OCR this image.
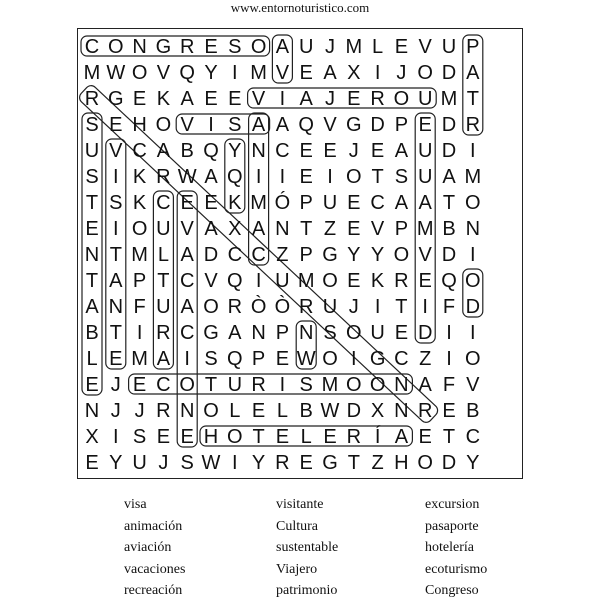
www.entornoturistico.com
C O N G R E S O A U J M L E V U P
M W O V Q Y I M V E A X I J O D A
R G E K A E E V I A J E R O U M T
S E H O V I S A A Q V G D P E D R
U V C A B Q Y N C E E J E A U D I
S I K R W A Q I I E I O T S U A M
T S K C E E K M Ó P U E C A A T O
E I O U V A X A N T Z E V P M B N
N T M L A D C C Z P G Y Y O V D I
T A P T C V Q I U M O E K R E Q O
A N F U A O R Ò Ò R U J I T I F D
B T I R C G A N P N S O U E D I I
L E M A I S Q P E W O I G C Z I O
E J E C O T U R I S M O O N A F V
N J J R N O L E L B W D X N R E B
X I S E E H O T E L E R Í A E T C
E Y U J S W I Y R E G T Z H O D Y
visa
animación
aviación
vacaciones
recreación
visitante
Cultura
sustentable
Viajero
patrimonio
excursion
pasaporte
hotelería
ecoturismo
Congreso
